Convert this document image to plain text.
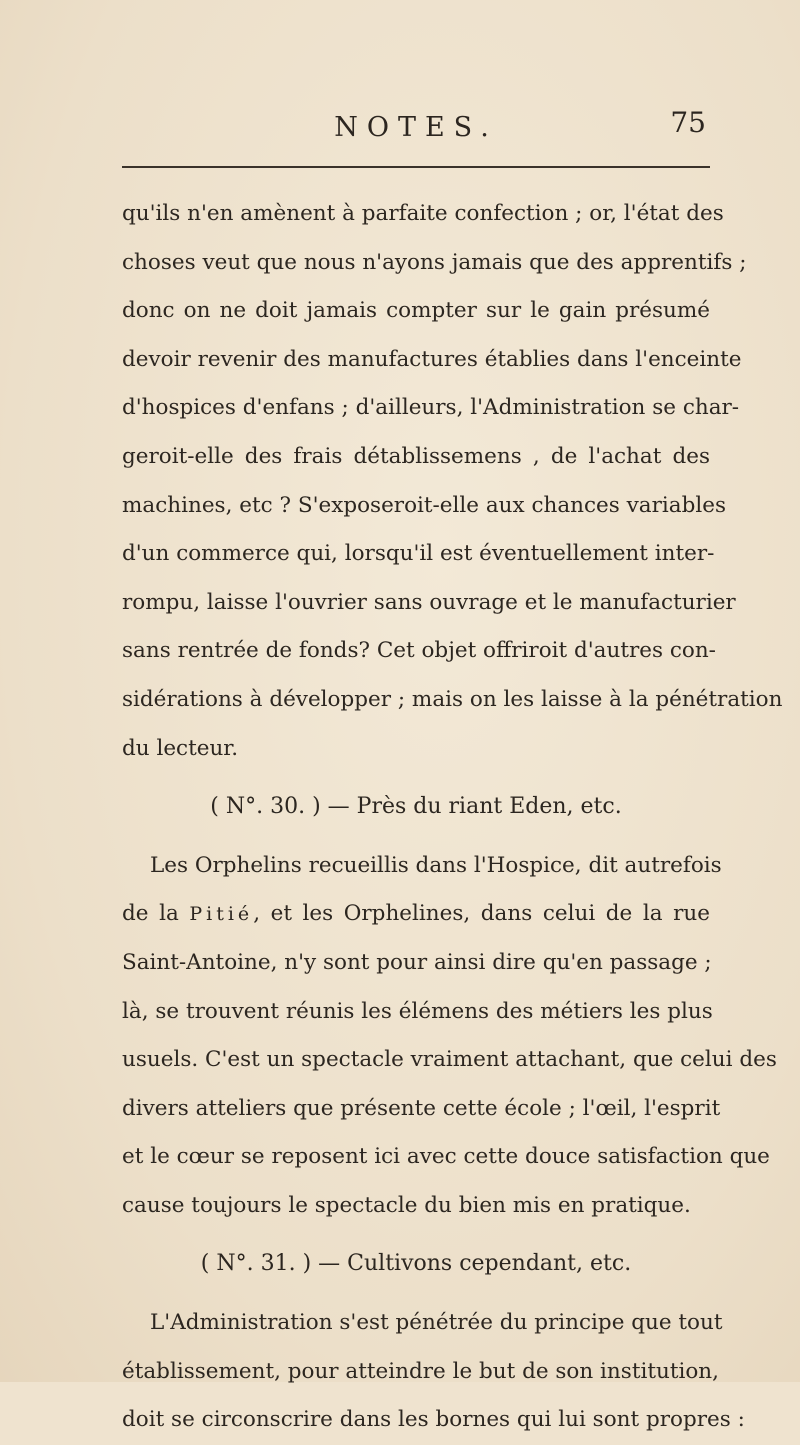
NOTES.	75
qu'ils n'en amènent à parfaite confection ; or, l'état des
choses veut que nous n'ayons jamais que des apprentifs ;
donc on ne doit jamais compter sur le gain présumé
devoir revenir des manufactures établies dans l'enceinte
d'hospices d'enfans ; d'ailleurs, l'Administration se char-
geroit-elle des frais détablissemens , de l'achat des
machines, etc ? S'exposeroit-elle aux chances variables
d'un commerce qui, lorsqu'il est éventuellement inter-
rompu, laisse l'ouvrier sans ouvrage et le manufacturier
sans rentrée de fonds? Cet objet offriroit d'autres con-
sidérations à développer ; mais on les laisse à la pénétration
du lecteur.
( N°. 30. ) — Près du riant Eden, etc.
Les Orphelins recueillis dans l'Hospice, dit autrefois
de la Pitié, et les Orphelines, dans celui de la rue
Saint-Antoine, n'y sont pour ainsi dire qu'en passage ;
là, se trouvent réunis les élémens des métiers les plus
usuels. C'est un spectacle vraiment attachant, que celui des
divers atteliers que présente cette école ; l'œil, l'esprit
et le cœur se reposent ici avec cette douce satisfaction que
cause toujours le spectacle du bien mis en pratique.
( N°. 31. ) — Cultivons cependant, etc.
L'Administration s'est pénétrée du principe que tout
établissement, pour atteindre le but de son institution,
doit se circonscrire dans les bornes qui lui sont propres :
